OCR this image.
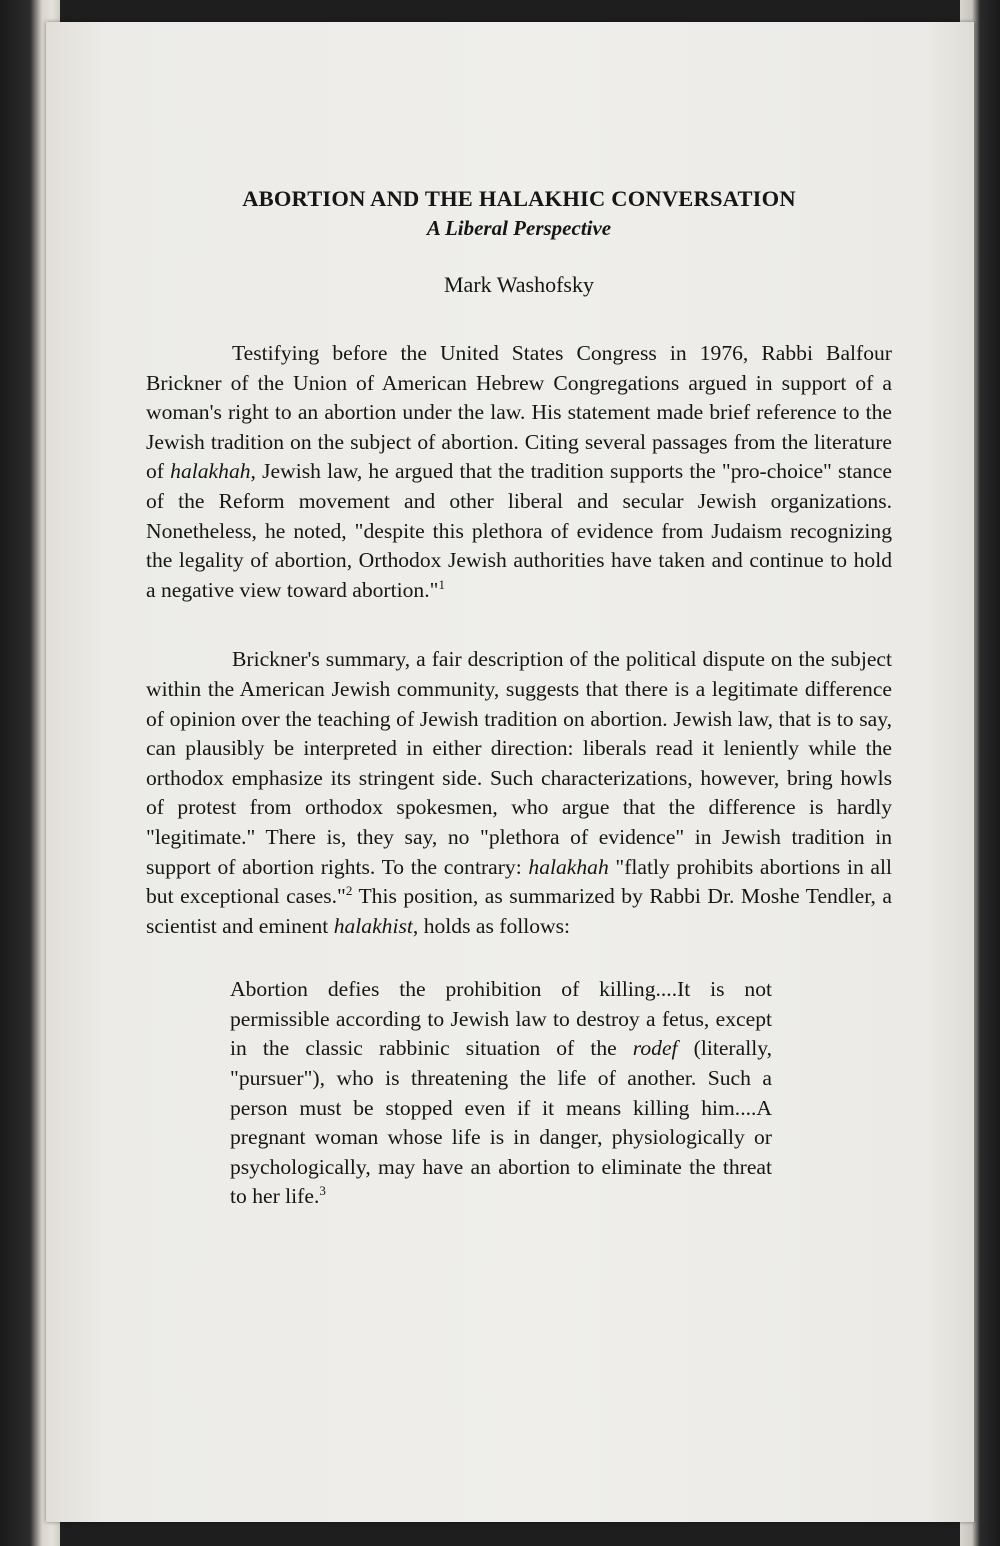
ABORTION AND THE HALAKHIC CONVERSATION
A Liberal Perspective

Mark Washofsky

Testifying before the United States Congress in 1976, Rabbi Balfour Brickner of the Union of American Hebrew Congregations argued in support of a woman's right to an abortion under the law. His statement made brief reference to the Jewish tradition on the subject of abortion. Citing several passages from the literature of halakhah, Jewish law, he argued that the tradition supports the "pro-choice" stance of the Reform movement and other liberal and secular Jewish organizations. Nonetheless, he noted, "despite this plethora of evidence from Judaism recognizing the legality of abortion, Orthodox Jewish authorities have taken and continue to hold a negative view toward abortion."$^1$

Brickner's summary, a fair description of the political dispute on the subject within the American Jewish community, suggests that there is a legitimate difference of opinion over the teaching of Jewish tradition on abortion. Jewish law, that is to say, can plausibly be interpreted in either direction: liberals read it leniently while the orthodox emphasize its stringent side. Such characterizations, however, bring howls of protest from orthodox spokesmen, who argue that the difference is hardly "legitimate." There is, they say, no "plethora of evidence" in Jewish tradition in support of abortion rights. To the contrary: halakhah "flatly prohibits abortions in all but exceptional cases."$^2$ This position, as summarized by Rabbi Dr. Moshe Tendler, a scientist and eminent halakhist, holds as follows:

Abortion defies the prohibition of killing....It is not permissible according to Jewish law to destroy a fetus, except in the classic rabbinic situation of the rodef (literally, "pursuer"), who is threatening the life of another. Such a person must be stopped even if it means killing him....A pregnant woman whose life is in danger, physiologically or psychologically, may have an abortion to eliminate the threat to her life.$^3$
